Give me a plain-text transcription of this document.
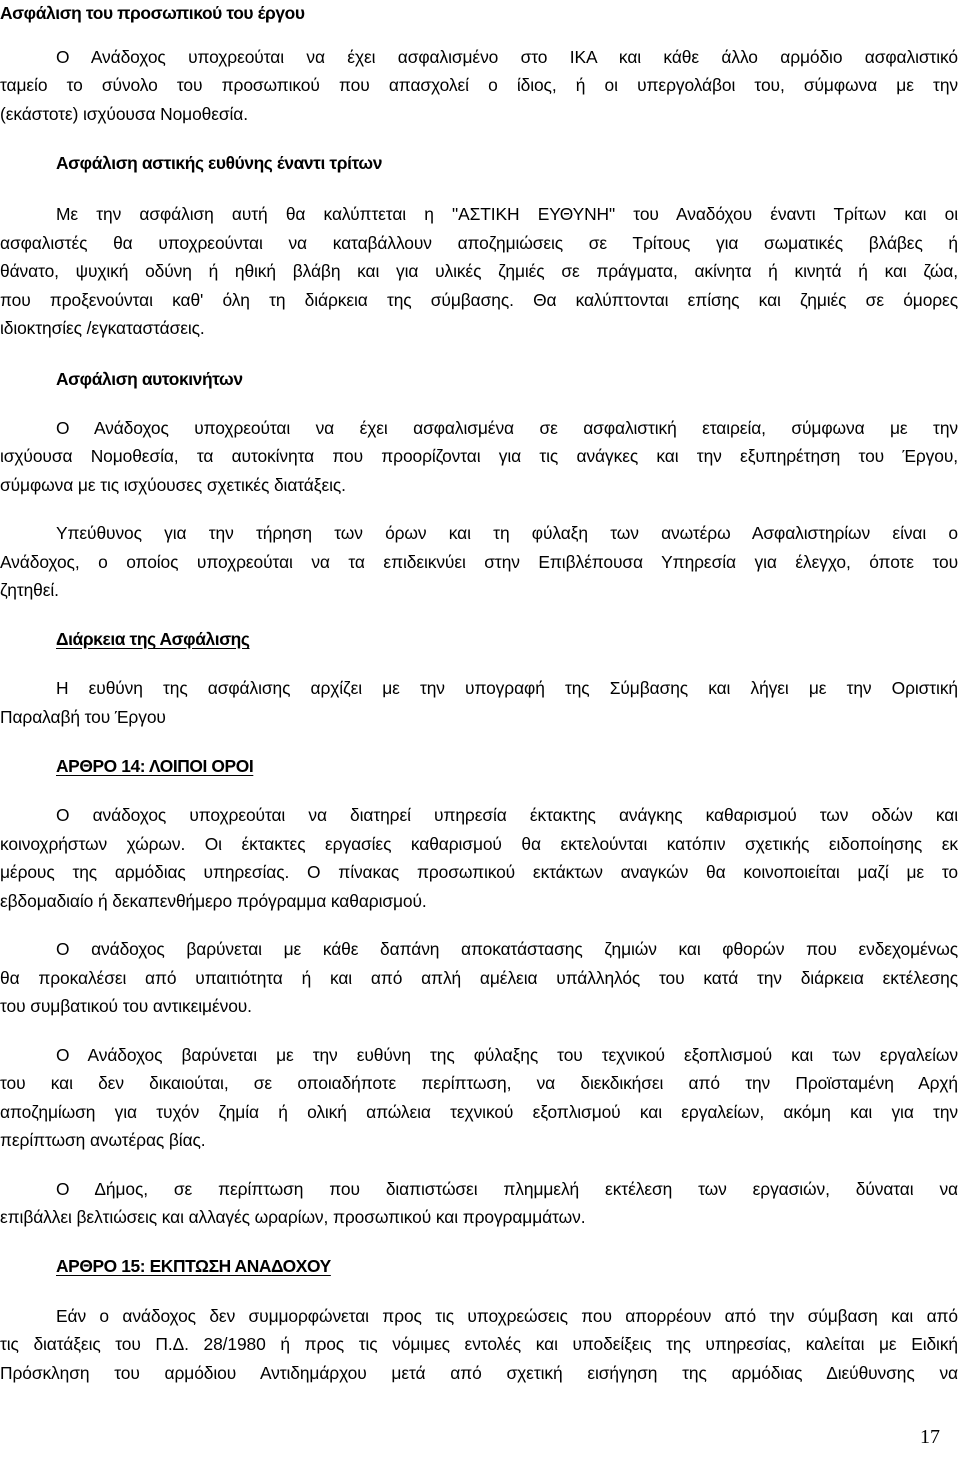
Ασφάλιση του προσωπικού του έργου
Ο Ανάδοχος υποχρεούται να έχει ασφαλισμένο στο ΙΚΑ και κάθε άλλο αρμόδιο ασφαλιστικό
ταμείο το σύνολο του προσωπικού που απασχολεί ο ίδιος, ή οι υπεργολάβοι του, σύμφωνα με την
(εκάστοτε) ισχύουσα Νομοθεσία.
Ασφάλιση αστικής ευθύνης έναντι τρίτων
Με την ασφάλιση αυτή θα καλύπτεται η "ΑΣΤΙΚΗ ΕΥΘΥΝΗ" του Αναδόχου έναντι Τρίτων και οι
ασφαλιστές θα υποχρεούνται να καταβάλλουν αποζημιώσεις σε Τρίτους για σωματικές βλάβες ή
θάνατο, ψυχική οδύνη ή ηθική βλάβη και για υλικές ζημιές σε πράγματα, ακίνητα ή κινητά ή και ζώα,
που προξενούνται καθ' όλη τη διάρκεια της σύμβασης. Θα καλύπτονται επίσης και ζημιές σε όμορες
ιδιοκτησίες /εγκαταστάσεις.
Ασφάλιση αυτοκινήτων
Ο Ανάδοχος υποχρεούται να έχει ασφαλισμένα σε ασφαλιστική εταιρεία, σύμφωνα με την
ισχύουσα Νομοθεσία, τα αυτοκίνητα που προορίζονται για τις ανάγκες και την εξυπηρέτηση του Έργου,
σύμφωνα με τις ισχύουσες σχετικές διατάξεις.
Υπεύθυνος για την τήρηση των όρων και τη φύλαξη των ανωτέρω Ασφαλιστηρίων είναι ο
Ανάδοχος, ο οποίος υποχρεούται να τα επιδεικνύει στην Επιβλέπουσα Υπηρεσία για έλεγχο, όποτε του
ζητηθεί.
Διάρκεια της Ασφάλισης
Η ευθύνη της ασφάλισης αρχίζει με την υπογραφή της Σύμβασης και λήγει με την Οριστική
Παραλαβή του Έργου
ΑΡΘΡΟ 14: ΛΟΙΠΟΙ ΟΡΟΙ
Ο ανάδοχος υποχρεούται να διατηρεί υπηρεσία έκτακτης ανάγκης καθαρισμού των οδών και
κοινοχρήστων χώρων. Οι έκτακτες εργασίες καθαρισμού θα εκτελούνται κατόπιν σχετικής ειδοποίησης εκ
μέρους της αρμόδιας υπηρεσίας. Ο πίνακας προσωπικού εκτάκτων αναγκών θα κοινοποιείται μαζί με το
εβδομαδιαίο ή δεκαπενθήμερο πρόγραμμα καθαρισμού.
Ο ανάδοχος βαρύνεται με κάθε δαπάνη αποκατάστασης ζημιών και φθορών που ενδεχομένως
θα προκαλέσει από υπαιτιότητα ή και από απλή αμέλεια υπάλληλός του κατά την διάρκεια εκτέλεσης
του συμβατικού του αντικειμένου.
Ο Ανάδοχος βαρύνεται με την ευθύνη της φύλαξης του τεχνικού εξοπλισμού και των εργαλείων
του και δεν δικαιούται, σε οποιαδήποτε περίπτωση, να διεκδικήσει από την Προϊσταμένη Αρχή
αποζημίωση για τυχόν ζημία ή ολική απώλεια τεχνικού εξοπλισμού και εργαλείων, ακόμη και για την
περίπτωση ανωτέρας βίας.
Ο Δήμος, σε περίπτωση που διαπιστώσει πλημμελή εκτέλεση των εργασιών, δύναται να
επιβάλλει βελτιώσεις και αλλαγές ωραρίων, προσωπικού και προγραμμάτων.
ΑΡΘΡΟ 15: ΕΚΠΤΩΣΗ ΑΝΑΔΟΧΟΥ
Εάν ο ανάδοχος δεν συμμορφώνεται προς τις υποχρεώσεις που απορρέουν από την σύμβαση και από
τις διατάξεις του Π.Δ. 28/1980 ή προς τις νόμιμες εντολές και υποδείξεις της υπηρεσίας, καλείται με Ειδική
Πρόσκληση του αρμόδιου Αντιδημάρχου μετά από σχετική εισήγηση της αρμόδιας Διεύθυνσης να
17
